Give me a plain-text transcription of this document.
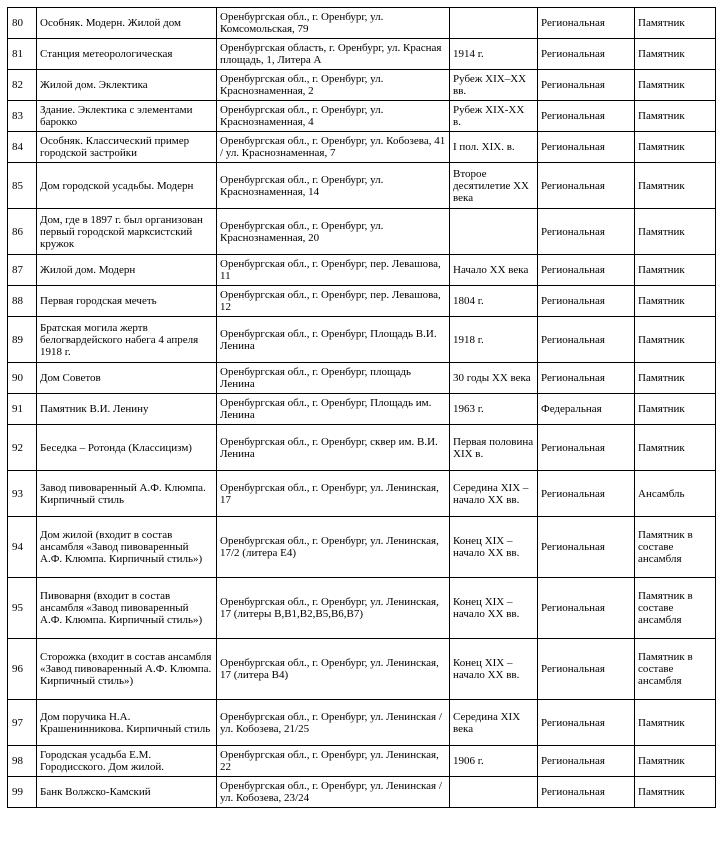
80	Особняк. Модерн. Жилой дом	Оренбургская обл., г. Оренбург, ул. Комсомольская, 79		Региональная	Памятник
81	Станция метеорологическая	Оренбургская область, г. Оренбург, ул. Красная площадь, 1, Литера А	1914 г.	Региональная	Памятник
82	Жилой дом. Эклектика	Оренбургская обл., г. Оренбург, ул. Краснознаменная, 2	Рубеж XIX–XX вв.	Региональная	Памятник
83	Здание. Эклектика с элементами барокко	Оренбургская обл., г. Оренбург, ул. Краснознаменная, 4	Рубеж XIX-XX в.	Региональная	Памятник
84	Особняк. Классический пример городской застройки	Оренбургская обл., г. Оренбург, ул. Кобозева, 41 / ул. Краснознаменная, 7	I пол. XIX. в.	Региональная	Памятник
85	Дом городской усадьбы. Модерн	Оренбургская обл., г. Оренбург, ул. Краснознаменная, 14	Второе десятилетие XX века	Региональная	Памятник
86	Дом, где в 1897 г. был организован первый городской марксистский кружок	Оренбургская обл., г. Оренбург, ул. Краснознаменная, 20		Региональная	Памятник
87	Жилой дом. Модерн	Оренбургская обл., г. Оренбург, пер. Левашова, 11	Начало XX века	Региональная	Памятник
88	Первая городская мечеть	Оренбургская обл., г. Оренбург, пер. Левашова, 12	1804 г.	Региональная	Памятник
89	Братская могила жертв белогвардейского набега 4 апреля 1918 г.	Оренбургская обл., г. Оренбург, Площадь В.И. Ленина	1918 г.	Региональная	Памятник
90	Дом Советов	Оренбургская обл., г. Оренбург, площадь Ленина	30 годы XX века	Региональная	Памятник
91	Памятник В.И. Ленину	Оренбургская обл., г. Оренбург, Площадь им. Ленина	1963 г.	Федеральная	Памятник
92	Беседка – Ротонда (Классицизм)	Оренбургская обл., г. Оренбург, сквер им. В.И. Ленина	Первая половина XIX в.	Региональная	Памятник
93	Завод пивоваренный А.Ф. Клюмпа. Кирпичный стиль	Оренбургская обл., г. Оренбург, ул. Ленинская, 17	Середина XIX – начало XX вв.	Региональная	Ансамбль
94	Дом жилой (входит в состав ансамбля «Завод пивоваренный А.Ф. Клюмпа. Кирпичный стиль»)	Оренбургская обл., г. Оренбург, ул. Ленинская, 17/2 (литера Е4)	Конец XIX – начало XX вв.	Региональная	Памятник в составе ансамбля
95	Пивоварня (входит в состав ансамбля «Завод пивоваренный А.Ф. Клюмпа. Кирпичный стиль»)	Оренбургская обл., г. Оренбург, ул. Ленинская, 17 (литеры В,В1,В2,В5,В6,В7)	Конец XIX – начало XX вв.	Региональная	Памятник в составе ансамбля
96	Сторожка (входит в состав ансамбля «Завод пивоваренный А.Ф. Клюмпа. Кирпичный стиль»)	Оренбургская обл., г. Оренбург, ул. Ленинская, 17 (литера В4)	Конец XIX – начало XX вв.	Региональная	Памятник в составе ансамбля
97	Дом поручика Н.А. Крашенинникова. Кирпичный стиль	Оренбургская обл., г. Оренбург, ул. Ленинская / ул. Кобозева, 21/25	Середина XIX века	Региональная	Памятник
98	Городская усадьба Е.М. Городисского. Дом жилой.	Оренбургская обл., г. Оренбург, ул. Ленинская, 22	1906 г.	Региональная	Памятник
99	Банк Волжско-Камский	Оренбургская обл., г. Оренбург, ул. Ленинская / ул. Кобозева, 23/24		Региональная	Памятник
